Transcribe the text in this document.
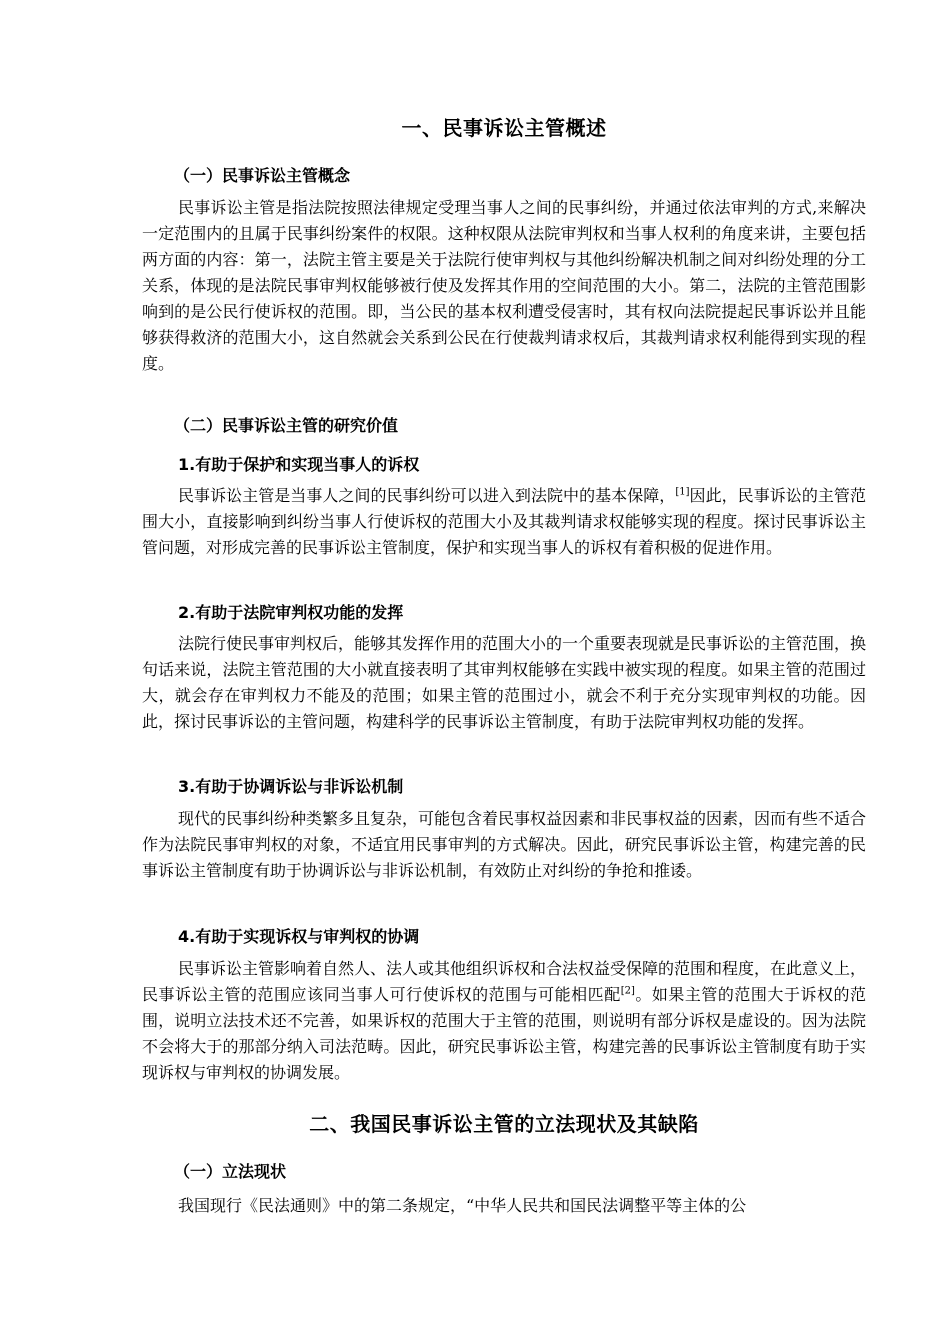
一、民事诉讼主管概述
（一）民事诉讼主管概念

民事诉讼主管是指法院按照法律规定受理当事人之间的民事纠纷，并通过依法审判的方式,来解决一定范围内的且属于民事纠纷案件的权限。这种权限从法院审判权和当事人权利的角度来讲，主要包括两方面的内容：第一，法院主管主要是关于法院行使审判权与其他纠纷解决机制之间对纠纷处理的分工关系，体现的是法院民事审判权能够被行使及发挥其作用的空间范围的大小。第二，法院的主管范围影响到的是公民行使诉权的范围。即，当公民的基本权利遭受侵害时，其有权向法院提起民事诉讼并且能够获得救济的范围大小，这自然就会关系到公民在行使裁判请求权后，其裁判请求权利能得到实现的程度。

（二）民事诉讼主管的研究价值
1.有助于保护和实现当事人的诉权

民事诉讼主管是当事人之间的民事纠纷可以进入到法院中的基本保障，[1]因此，民事诉讼的主管范围大小，直接影响到纠纷当事人行使诉权的范围大小及其裁判请求权能够实现的程度。探讨民事诉讼主管问题，对形成完善的民事诉讼主管制度，保护和实现当事人的诉权有着积极的促进作用。

2.有助于法院审判权功能的发挥

法院行使民事审判权后，能够其发挥作用的范围大小的一个重要表现就是民事诉讼的主管范围，换句话来说，法院主管范围的大小就直接表明了其审判权能够在实践中被实现的程度。如果主管的范围过大，就会存在审判权力不能及的范围；如果主管的范围过小，就会不利于充分实现审判权的功能。因此，探讨民事诉讼的主管问题，构建科学的民事诉讼主管制度，有助于法院审判权功能的发挥。

3.有助于协调诉讼与非诉讼机制

现代的民事纠纷种类繁多且复杂，可能包含着民事权益因素和非民事权益的因素，因而有些不适合作为法院民事审判权的对象，不适宜用民事审判的方式解决。因此，研究民事诉讼主管，构建完善的民事诉讼主管制度有助于协调诉讼与非诉讼机制，有效防止对纠纷的争抢和推诿。

4.有助于实现诉权与审判权的协调

民事诉讼主管影响着自然人、法人或其他组织诉权和合法权益受保障的范围和程度，在此意义上，民事诉讼主管的范围应该同当事人可行使诉权的范围与可能相匹配[2]。如果主管的范围大于诉权的范围，说明立法技术还不完善，如果诉权的范围大于主管的范围，则说明有部分诉权是虚设的。因为法院不会将大于的那部分纳入司法范畴。因此，研究民事诉讼主管，构建完善的民事诉讼主管制度有助于实现诉权与审判权的协调发展。

二、我国民事诉讼主管的立法现状及其缺陷
（一）立法现状

我国现行《民法通则》中的第二条规定，“中华人民共和国民法调整平等主体的公
